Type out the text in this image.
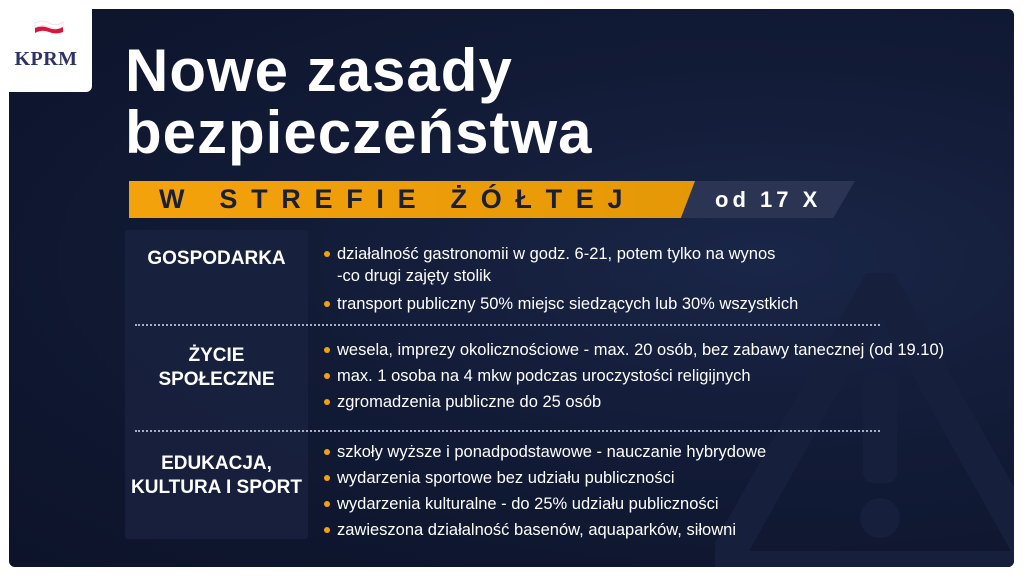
KPRM Nowe zasady
bezpieczeństwa
W STREFIE ŻÓŁTEJ	od 17 X
GOSPODARKA	działalność gastronomii w godz. 6-21, potem tylko na wynos
-co drugi zajęty stolik
transport publiczny 50% miejsc siedzących lub 30% wszystkich
ŻYCIE
SPOŁECZNE
wesela, imprezy okolicznościowe - max. 20 osób, bez zabawy tanecznej (od 19.10)
max. 1 osoba na 4 mkw podczas uroczystości religijnych
zgromadzenia publiczne do 25 osób
EDUKACJA,
KULTURA I SPORT
szkoły wyższe i ponadpodstawowe - nauczanie hybrydowe
wydarzenia sportowe bez udziału publiczności
wydarzenia kulturalne - do 25% udziału publiczności
zawieszona działalność basenów, aquaparków, siłowni
